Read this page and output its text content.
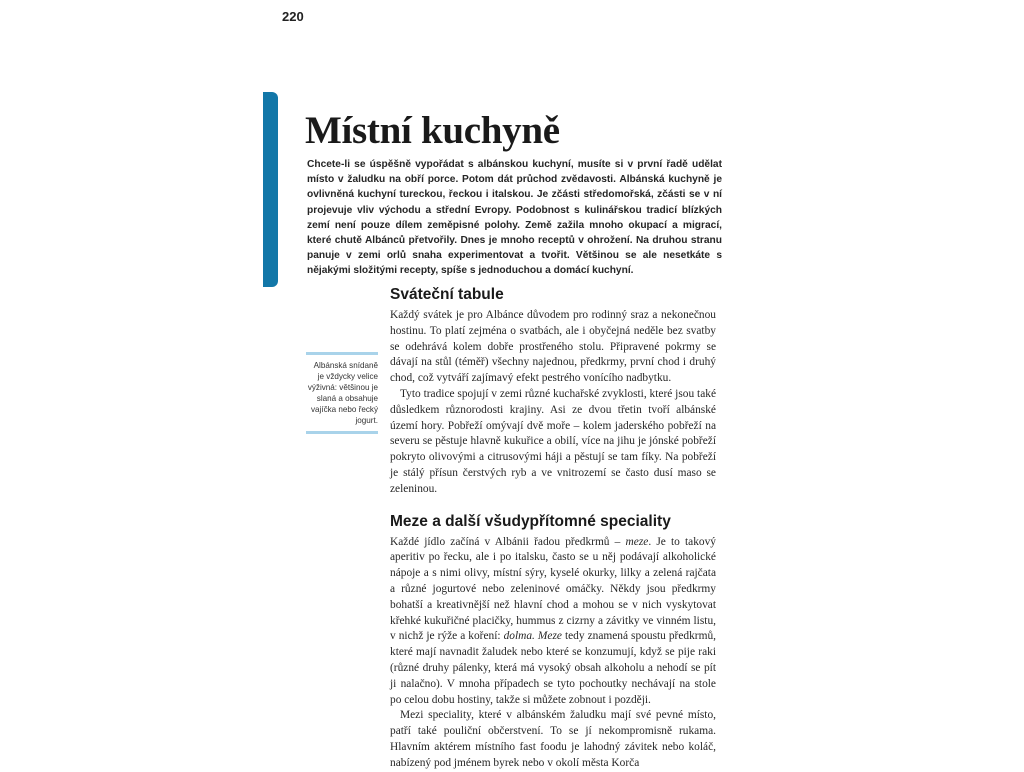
220
Místní kuchyně
Chcete-li se úspěšně vypořádat s albánskou kuchyní, musíte si v první řadě udělat místo v žaludku na obří porce. Potom dát průchod zvědavosti. Albánská kuchyně je ovlivněná kuchyní tureckou, řeckou i italskou. Je zčásti středomořská, zčásti se v ní projevuje vliv východu a střední Evropy. Podobnost s kulinářskou tradicí blízkých zemí není pouze dílem zeměpisné polohy. Země zažila mnoho okupací a migrací, které chutě Albánců přetvořily. Dnes je mnoho receptů v ohrožení. Na druhou stranu panuje v zemi orlů snaha experimentovat a tvořit. Většinou se ale nesetkáte s nějakými složitými recepty, spíše s jednoduchou a domácí kuchyní.
Albánská snídaně je vždycky velice výživná: většinou je slaná a obsahuje vajíčka nebo řecký jogurt.
Sváteční tabule

Každý svátek je pro Albánce důvodem pro rodinný sraz a nekonečnou hostinu. To platí zejména o svatbách, ale i obyčejná neděle bez svatby se odehrává kolem dobře prostřeného stolu. Připravené pokrmy se dávají na stůl (téměř) všechny najednou, předkrmy, první chod i druhý chod, což vytváří zajímavý efekt pestrého vonícího nadbytku.

Tyto tradice spojují v zemi různé kuchařské zvyklosti, které jsou také důsledkem různorodosti krajiny. Asi ze dvou třetin tvoří albánské území hory. Pobřeží omývají dvě moře – kolem jaderského pobřeží na severu se pěstuje hlavně kukuřice a obilí, více na jihu je jónské pobřeží pokryto olivovými a citrusovými háji a pěstují se tam fíky. Na pobřeží je stálý přísun čerstvých ryb a ve vnitrozemí se často dusí maso se zeleninou.

Meze a další všudypřítomné speciality

Každé jídlo začíná v Albánii řadou předkrmů – meze. Je to takový aperitiv po řecku, ale i po italsku, často se u něj podávají alkoholické nápoje a s nimi olivy, místní sýry, kyselé okurky, lilky a zelená rajčata a různé jogurtové nebo zeleninové omáčky. Někdy jsou předkrmy bohatší a kreativnější než hlavní chod a mohou se v nich vyskytovat křehké kukuřičné placičky, hummus z cizrny a závitky ve vinném listu, v nichž je rýže a koření: dolma. Meze tedy znamená spoustu předkrmů, které mají navnadit žaludek nebo které se konzumují, když se pije raki (různé druhy pálenky, která má vysoký obsah alkoholu a nehodí se pít ji nalačno). V mnoha případech se tyto pochoutky nechávají na stole po celou dobu hostiny, takže si můžete zobnout i později.

Mezi speciality, které v albánském žaludku mají své pevné místo, patří také pouliční občerstvení. To se jí nekompromisně rukama. Hlavním aktérem místního fast foodu je lahodný závitek nebo koláč, nabízený pod jménem byrek nebo v okolí města Korča
